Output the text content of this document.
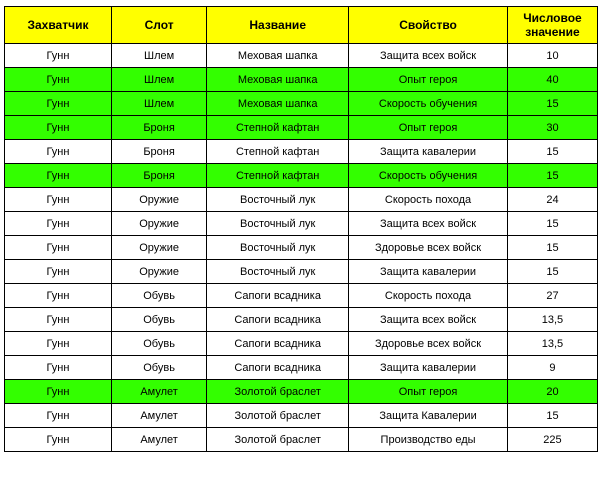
Захватчик	Слот	Название	Свойство	Числовое значение

Гунн	Шлем	Меховая шапка	Защита всех войск	10
Гунн	Шлем	Меховая шапка	Опыт героя	40
Гунн	Шлем	Меховая шапка	Скорость обучения	15
Гунн	Броня	Степной кафтан	Опыт героя	30
Гунн	Броня	Степной кафтан	Защита кавалерии	15
Гунн	Броня	Степной кафтан	Скорость обучения	15
Гунн	Оружие	Восточный лук	Скорость похода	24
Гунн	Оружие	Восточный лук	Защита всех войск	15
Гунн	Оружие	Восточный лук	Здоровье всех войск	15
Гунн	Оружие	Восточный лук	Защита кавалерии	15
Гунн	Обувь	Сапоги всадника	Скорость похода	27
Гунн	Обувь	Сапоги всадника	Защита всех войск	13,5
Гунн	Обувь	Сапоги всадника	Здоровье всех войск	13,5
Гунн	Обувь	Сапоги всадника	Защита кавалерии	9
Гунн	Амулет	Золотой браслет	Опыт героя	20
Гунн	Амулет	Золотой браслет	Защита Кавалерии	15
Гунн	Амулет	Золотой браслет	Производство еды	225
